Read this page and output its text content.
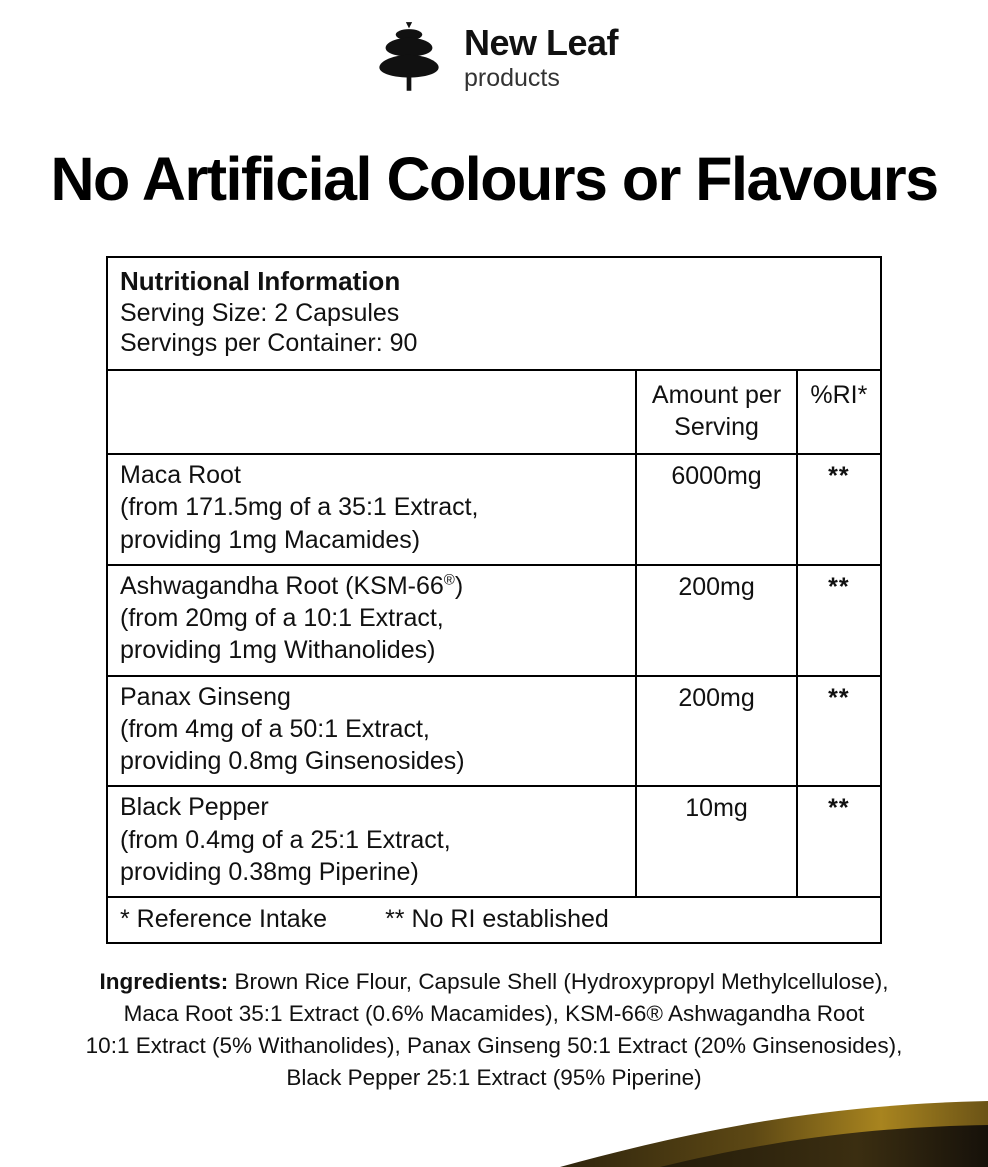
New Leaf
products
No Artificial Colours or Flavours
Nutritional Information
Serving Size: 2 Capsules
Servings per Container: 90		

	Amount per Serving	%RI*

Maca Root
(from 171.5mg of a 35:1 Extract,
providing 1mg Macamides)	6000mg	**

Ashwagandha Root (KSM-66®)
(from 20mg of a 10:1 Extract,
providing 1mg Withanolides)	200mg	**

Panax Ginseng
(from 4mg of a 50:1 Extract,
providing 0.8mg Ginsenosides)	200mg	**

Black Pepper
(from 0.4mg of a 25:1 Extract,
providing 0.38mg Piperine)	10mg	**
* Reference Intake ** No RI established		
Ingredients: Brown Rice Flour, Capsule Shell (Hydroxypropyl Methylcellulose),
Maca Root 35:1 Extract (0.6% Macamides), KSM-66® Ashwagandha Root
10:1 Extract (5% Withanolides), Panax Ginseng 50:1 Extract (20% Ginsenosides),
Black Pepper 25:1 Extract (95% Piperine)
